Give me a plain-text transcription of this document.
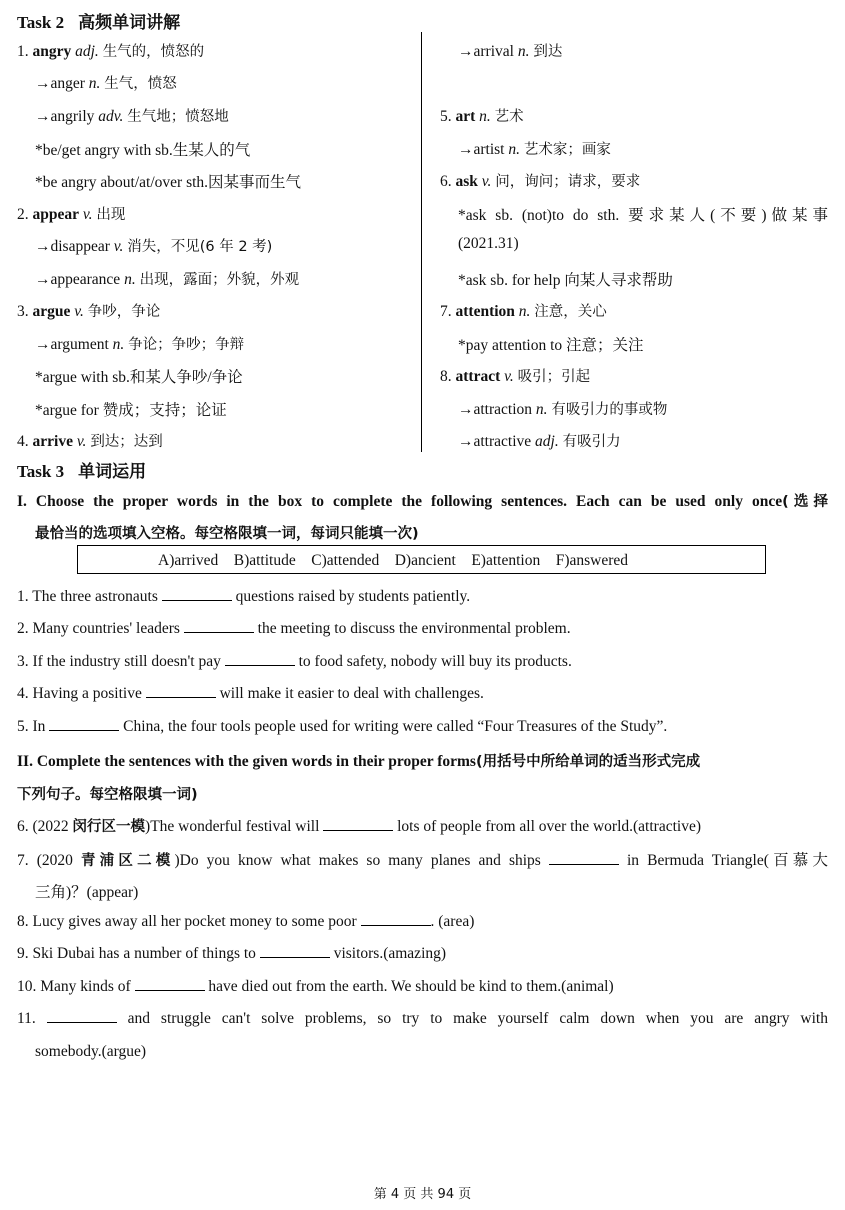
Task 2 高频单词讲解
1. angry adj. 生气的，愤怒的
→anger n. 生气，愤怒
→angrily adv. 生气地；愤怒地
*be/get angry with sb.生某人的气
*be angry about/at/over sth.因某事而生气
2. appear v. 出现
→disappear v. 消失，不见(6 年 2 考)
→appearance n. 出现，露面；外貌，外观
3. argue v. 争吵，争论
→argument n. 争论；争吵；争辩
*argue with sb.和某人争吵/争论
*argue for 赞成；支持；论证
4. arrive v. 到达；达到
→arrival n. 到达
5. art n. 艺术
→artist n. 艺术家；画家
6. ask v. 问，询问；请求，要求
*ask sb. (not)to do sth. 要求某人(不要)做某事
(2021.31)
*ask sb. for help 向某人寻求帮助
7. attention n. 注意，关心
*pay attention to 注意；关注
8. attract v. 吸引；引起
→attraction n. 有吸引力的事或物
→attractive adj. 有吸引力
Task 3 单词运用
I. Choose the proper words in the box to complete the following sentences. Each can be used only once(选择
最恰当的选项填入空格。每空格限填一词，每词只能填一次)
A)arrived    B)attitude    C)attended    D)ancient    E)attention    F)answered
1. The three astronauts	questions raised by students patiently.
2. Many countries' leaders	the meeting to discuss the environmental problem.
3. If the industry still doesn't pay	to food safety, nobody will buy its products.
4. Having a positive	will make it easier to deal with challenges.
5. In	China, the four tools people used for writing were called “Four Treasures of the Study”.
II. Complete the sentences with the given words in their proper forms(用括号中所给单词的适当形式完成
下列句子。每空格限填一词)
6. (2022 闵行区一模)The wonderful festival will	lots of people from all over the world.(attractive)
7. (2020 青浦区二模)Do you know what makes so many planes and ships	in Bermuda Triangle(百慕大
三角)？(appear)
8. Lucy gives away all her pocket money to some poor	. (area)
9. Ski Dubai has a number of things to	visitors.(amazing)
10. Many kinds of	have died out from the earth. We should be kind to them.(animal)
11.	and struggle can't solve problems, so try to make yourself calm down when you are angry with
somebody.(argue)
第 4 页 共 94 页
